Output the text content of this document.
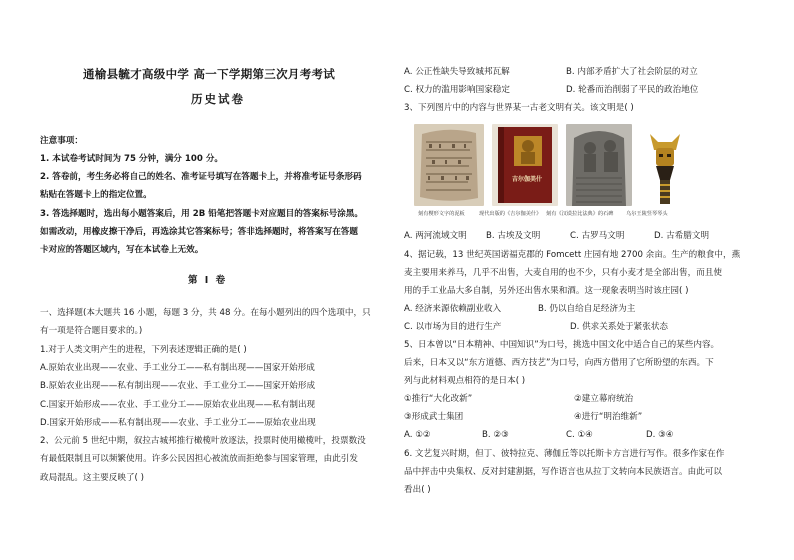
通榆县毓才高级中学 高一下学期第三次月考考试
历史试卷
注意事项：
1. 本试卷考试时间为 75 分钟，满分 100 分。
2. 答卷前，考生务必将自己的姓名、准考证号填写在答题卡上，并将准考证号条形码
粘贴在答题卡上的指定位置。
3. 答选择题时，选出每小题答案后，用 2B 铅笔把答题卡对应题目的答案标号涂黑。
如需改动，用橡皮擦干净后，再选涂其它答案标号；答非选择题时，将答案写在答题
卡对应的答题区域内，写在本试卷上无效。
第 I 卷
一、选择题(本大题共 16 小题，每题 3 分，共 48 分。在每小题列出的四个选项中，只
有一项是符合题目要求的。)
1.对于人类文明产生的进程，下列表述逻辑正确的是( )
A.原始农业出现——农业、手工业分工——私有制出现——国家开始形成
B.原始农业出现——私有制出现——农业、手工业分工——国家开始形成
C.国家开始形成——农业、手工业分工——原始农业出现——私有制出现
D.国家开始形成——私有制出现——农业、手工业分工——原始农业出现
2、公元前 5 世纪中期，叙拉古城邦推行橄榄叶放逐法，投票时使用橄榄叶，投票数没
有最低限制且可以频繁使用。许多公民因担心被流放而拒绝参与国家管理，由此引发
政局混乱。这主要反映了( )
A. 公正性缺失导致城邦瓦解	B. 内部矛盾扩大了社会阶层的对立
C. 权力的滥用影响国家稳定	D. 轮番而治削弱了平民的政治地位
3、下列图片中的内容与世界某一古老文明有关。该文明是( )
吉尔伽美什
刻有楔形文字的泥板	现代出版的《吉尔伽美什》 刻有《汉谟拉比法典》的石碑 乌尔王陵竖琴琴头
A. 两河流域文明	B. 古埃及文明	C. 古罗马文明	D. 古希腊文明
4、据记载，13 世纪英国诺福克郡的 Fomcett 庄园有地 2700 余亩。生产的粮食中，燕
麦主要用来养马，几乎不出售，大麦自用的也不少，只有小麦才是全部出售，而且使
用的手工业品大多自制，另外还出售水果和酒。这一现象表明当时该庄园( )
A. 经济来源依赖副业收入	B. 仍以自给自足经济为主
C. 以市场为目的进行生产	D. 供求关系处于紧张状态
5、日本曾以“日本精神、中国知识”为口号，挑选中国文化中适合自己的某些内容。
后来，日本又以“东方道德、西方技艺”为口号，向西方借用了它所盼望的东西。下
列与此材料观点相符的是日本( )
①推行“大化改新”	②建立幕府统治
③形成武士集团	④进行“明治维新”
A. ①②	B. ②③	C. ①④	D. ③④
6. 文艺复兴时期，但丁、彼特拉克、薄伽丘等以托斯卡方言进行写作。很多作家在作
品中抨击中央集权、反对封建割据，写作语言也从拉丁文转向本民族语言。由此可以
看出( )
